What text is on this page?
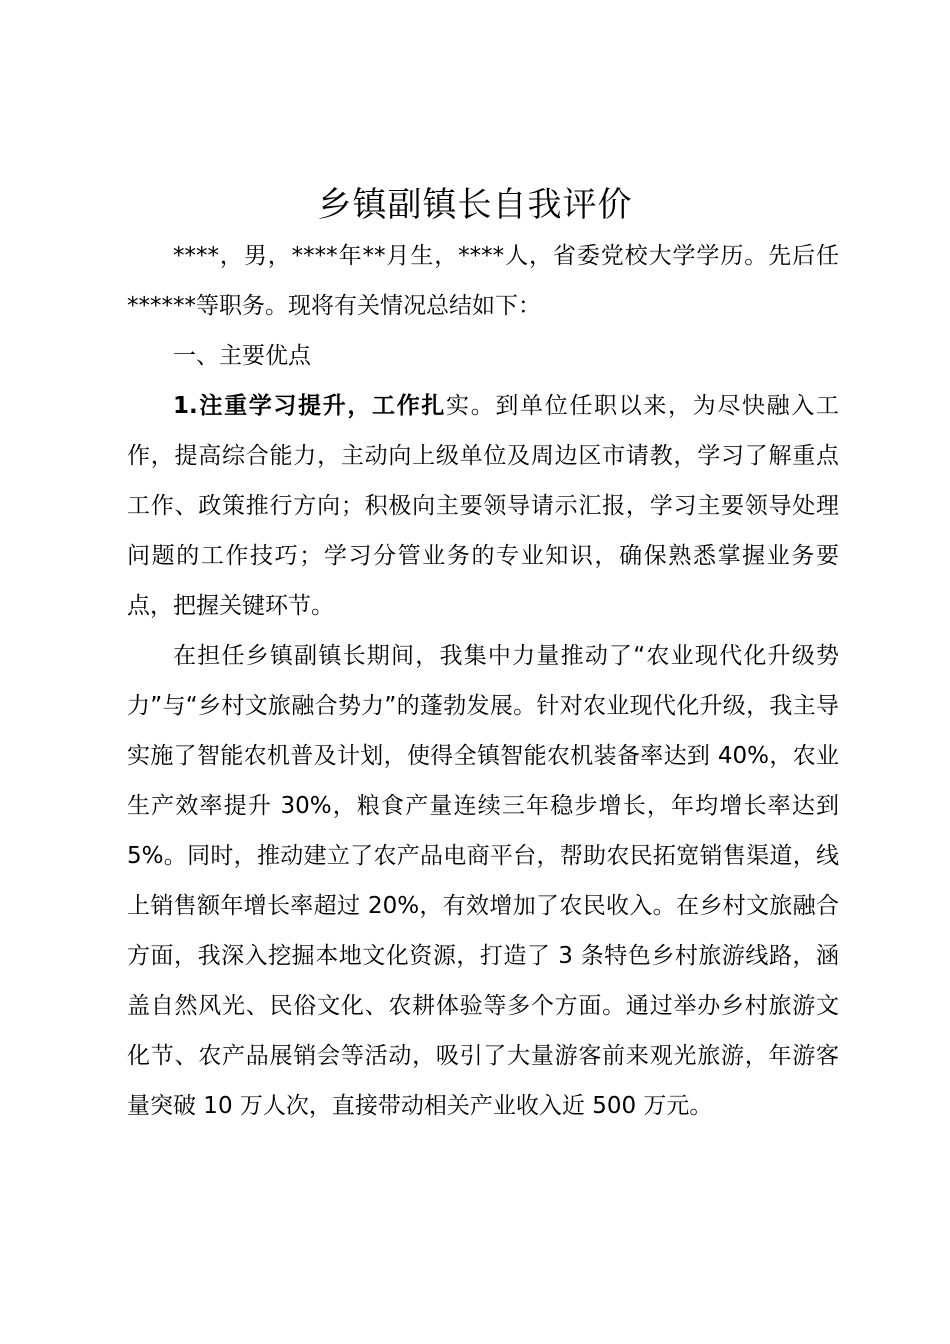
乡镇副镇长自我评价

****，男，****年**月生，****人，省委党校大学学历。先后任******等职务。现将有关情况总结如下：

一、主要优点

1.注重学习提升，工作扎实。到单位任职以来，为尽快融入工作，提高综合能力，主动向上级单位及周边区市请教，学习了解重点工作、政策推行方向；积极向主要领导请示汇报，学习主要领导处理问题的工作技巧；学习分管业务的专业知识，确保熟悉掌握业务要点，把握关键环节。

在担任乡镇副镇长期间，我集中力量推动了“农业现代化升级势力”与“乡村文旅融合势力”的蓬勃发展。针对农业现代化升级，我主导实施了智能农机普及计划，使得全镇智能农机装备率达到 40%，农业生产效率提升 30%，粮食产量连续三年稳步增长，年均增长率达到 5%。同时，推动建立了农产品电商平台，帮助农民拓宽销售渠道，线上销售额年增长率超过 20%，有效增加了农民收入。在乡村文旅融合方面，我深入挖掘本地文化资源，打造了 3 条特色乡村旅游线路，涵盖自然风光、民俗文化、农耕体验等多个方面。通过举办乡村旅游文化节、农产品展销会等活动，吸引了大量游客前来观光旅游，年游客量突破 10 万人次，直接带动相关产业收入近 500 万元。
